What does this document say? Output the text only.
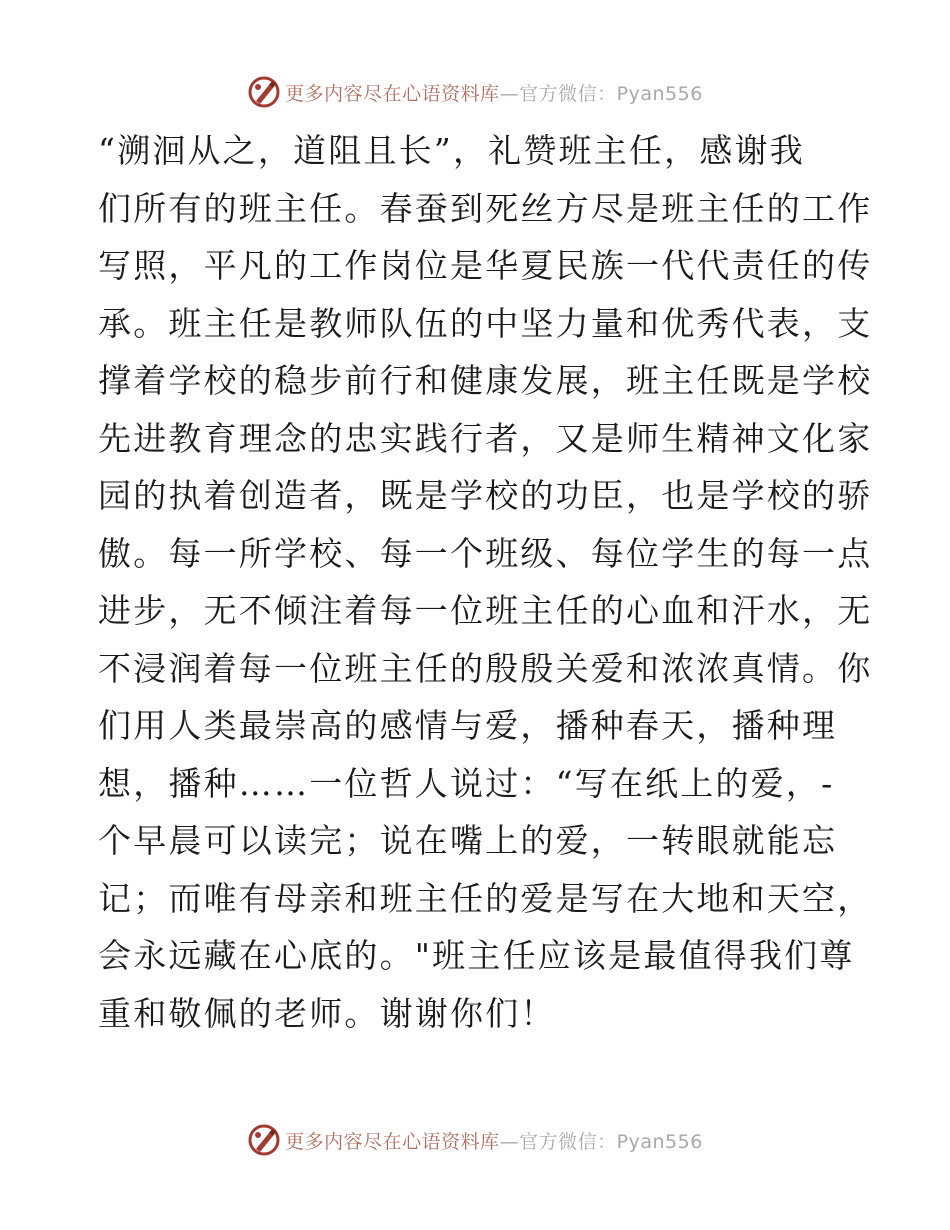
更多内容尽在心语资料库—官方微信：Pyan556
“溯洄从之，道阻且长”，礼赞班主任，感谢我
们所有的班主任。春蚕到死丝方尽是班主任的工作
写照，平凡的工作岗位是华夏民族一代代责任的传
承。班主任是教师队伍的中坚力量和优秀代表，支
撑着学校的稳步前行和健康发展，班主任既是学校
先进教育理念的忠实践行者，又是师生精神文化家
园的执着创造者，既是学校的功臣，也是学校的骄
傲。每一所学校、每一个班级、每位学生的每一点
进步，无不倾注着每一位班主任的心血和汗水，无
不浸润着每一位班主任的殷殷关爱和浓浓真情。你
们用人类最崇高的感情与爱，播种春天，播种理
想，播种……一位哲人说过：“写在纸上的爱，-
个早晨可以读完；说在嘴上的爱，一转眼就能忘
记；而唯有母亲和班主任的爱是写在大地和天空，
会永远藏在心底的。"班主任应该是最值得我们尊
重和敬佩的老师。谢谢你们！
更多内容尽在心语资料库—官方微信：Pyan556
